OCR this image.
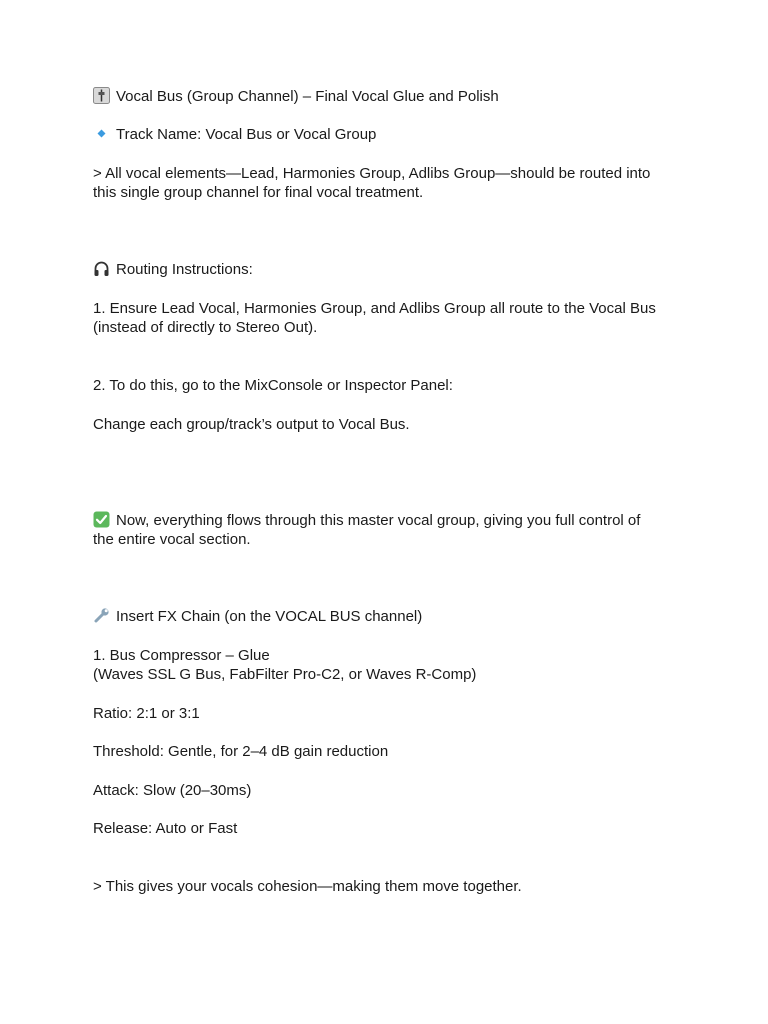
Vocal Bus (Group Channel) – Final Vocal Glue and Polish
Track Name: Vocal Bus or Vocal Group
> All vocal elements—Lead, Harmonies Group, Adlibs Group—should be routed into
this single group channel for final vocal treatment.
Routing Instructions:
1. Ensure Lead Vocal, Harmonies Group, and Adlibs Group all route to the Vocal Bus
(instead of directly to Stereo Out).
2. To do this, go to the MixConsole or Inspector Panel:
Change each group/track’s output to Vocal Bus.
Now, everything flows through this master vocal group, giving you full control of
the entire vocal section.
Insert FX Chain (on the VOCAL BUS channel)
1. Bus Compressor – Glue
(Waves SSL G Bus, FabFilter Pro-C2, or Waves R-Comp)
Ratio: 2:1 or 3:1
Threshold: Gentle, for 2–4 dB gain reduction
Attack: Slow (20–30ms)
Release: Auto or Fast
> This gives your vocals cohesion—making them move together.
